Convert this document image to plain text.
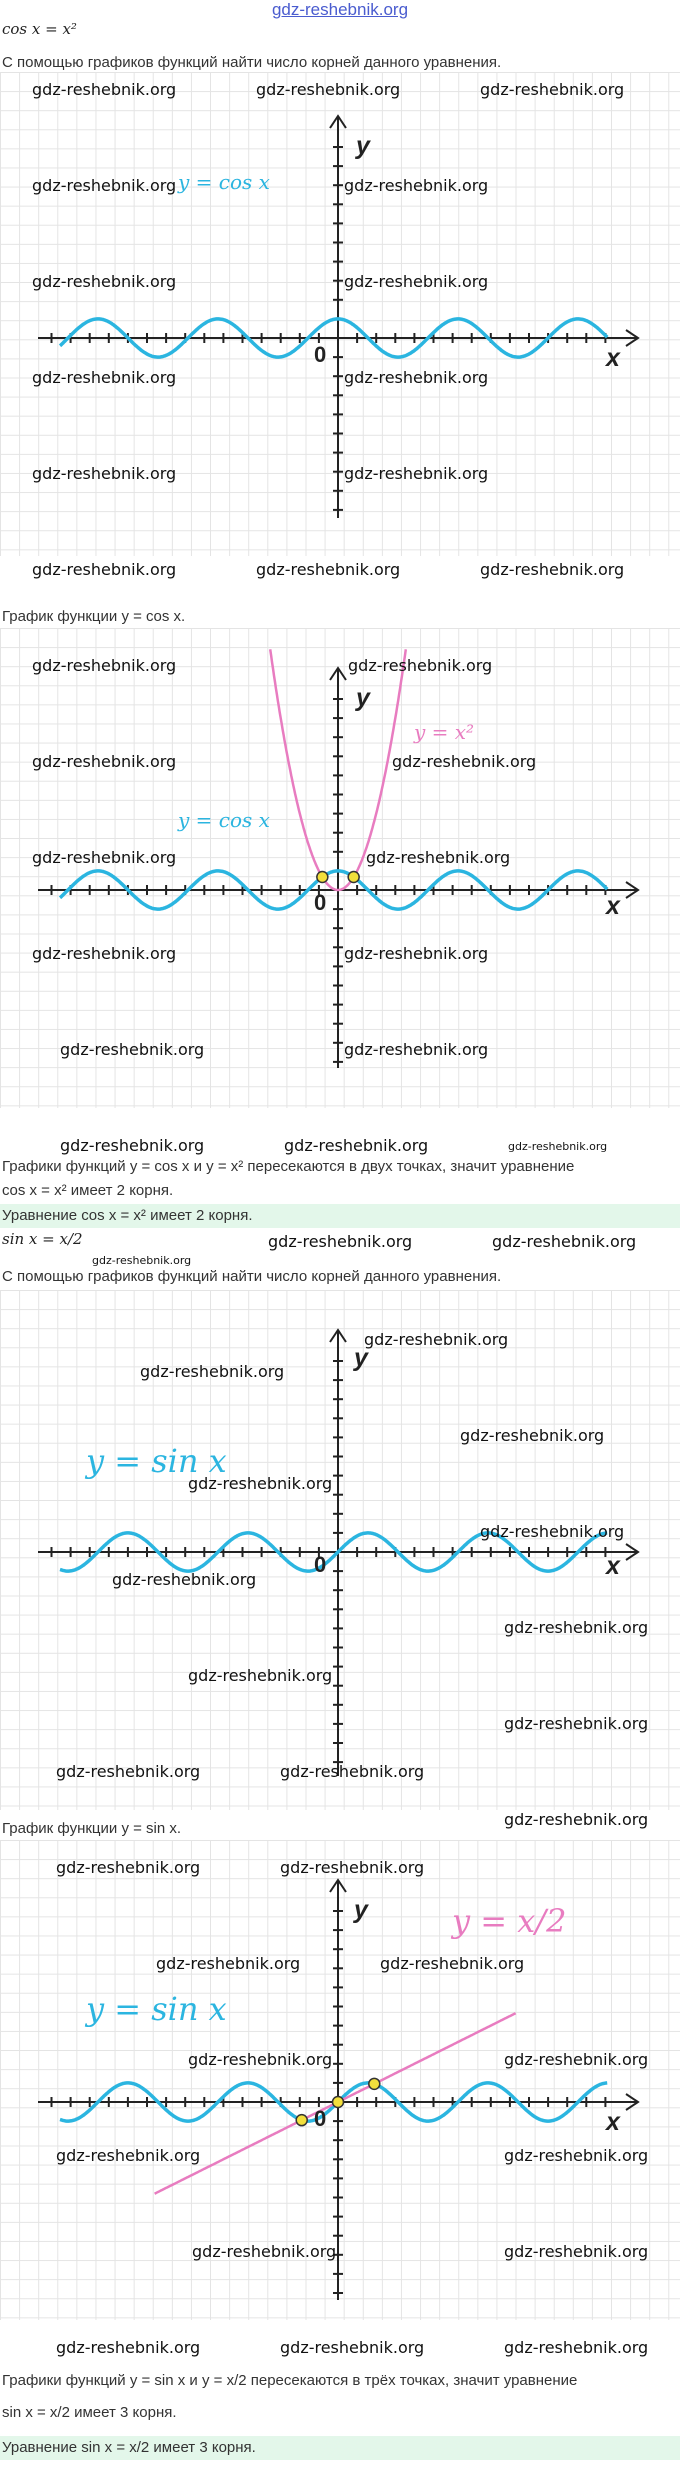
gdz-reshebnik.org
cos x = x²
С помощью графиков функций найти число корней данного уравнения.
y = cos x
y
x
0
График функции y = cos x.
y = cos x
y = x²
y
x
0
Графики функций y = cos x и y = x² пересекаются в двух точках, значит уравнение
cos x = x² имеет 2 корня.
Уравнение cos x = x² имеет 2 корня.
sin x = x/2
С помощью графиков функций найти число корней данного уравнения.
y = sin x
y
x
0
График функции y = sin x.
y = sin x
y = x/2
y
x
0
Графики функций y = sin x и y = x/2 пересекаются в трёх точках, значит уравнение
sin x = x/2 имеет 3 корня.
Уравнение sin x = x/2 имеет 3 корня.
gdz-reshebnik.org	gdz-reshebnik.org	gdz-reshebnik.org
gdz-reshebnik.org	gdz-reshebnik.org
gdz-reshebnik.org	gdz-reshebnik.org
gdz-reshebnik.org	gdz-reshebnik.org
gdz-reshebnik.org	gdz-reshebnik.org
gdz-reshebnik.org	gdz-reshebnik.org	gdz-reshebnik.org
gdz-reshebnik.org	gdz-reshebnik.org
gdz-reshebnik.org	gdz-reshebnik.org
gdz-reshebnik.org	gdz-reshebnik.org
gdz-reshebnik.org	gdz-reshebnik.org
gdz-reshebnik.org	gdz-reshebnik.org
gdz-reshebnik.org	gdz-reshebnik.org	gdz-reshebnik.org
gdz-reshebnik.org	gdz-reshebnik.org
gdz-reshebnik.org
gdz-reshebnik.org
gdz-reshebnik.org
gdz-reshebnik.org
gdz-reshebnik.org
gdz-reshebnik.org
gdz-reshebnik.org
gdz-reshebnik.org
gdz-reshebnik.org
gdz-reshebnik.org
gdz-reshebnik.org	gdz-reshebnik.org
gdz-reshebnik.org
gdz-reshebnik.org	gdz-reshebnik.org
gdz-reshebnik.org	gdz-reshebnik.org
gdz-reshebnik.org	gdz-reshebnik.org
gdz-reshebnik.org	gdz-reshebnik.org
gdz-reshebnik.org	gdz-reshebnik.org
gdz-reshebnik.org	gdz-reshebnik.org	gdz-reshebnik.org
